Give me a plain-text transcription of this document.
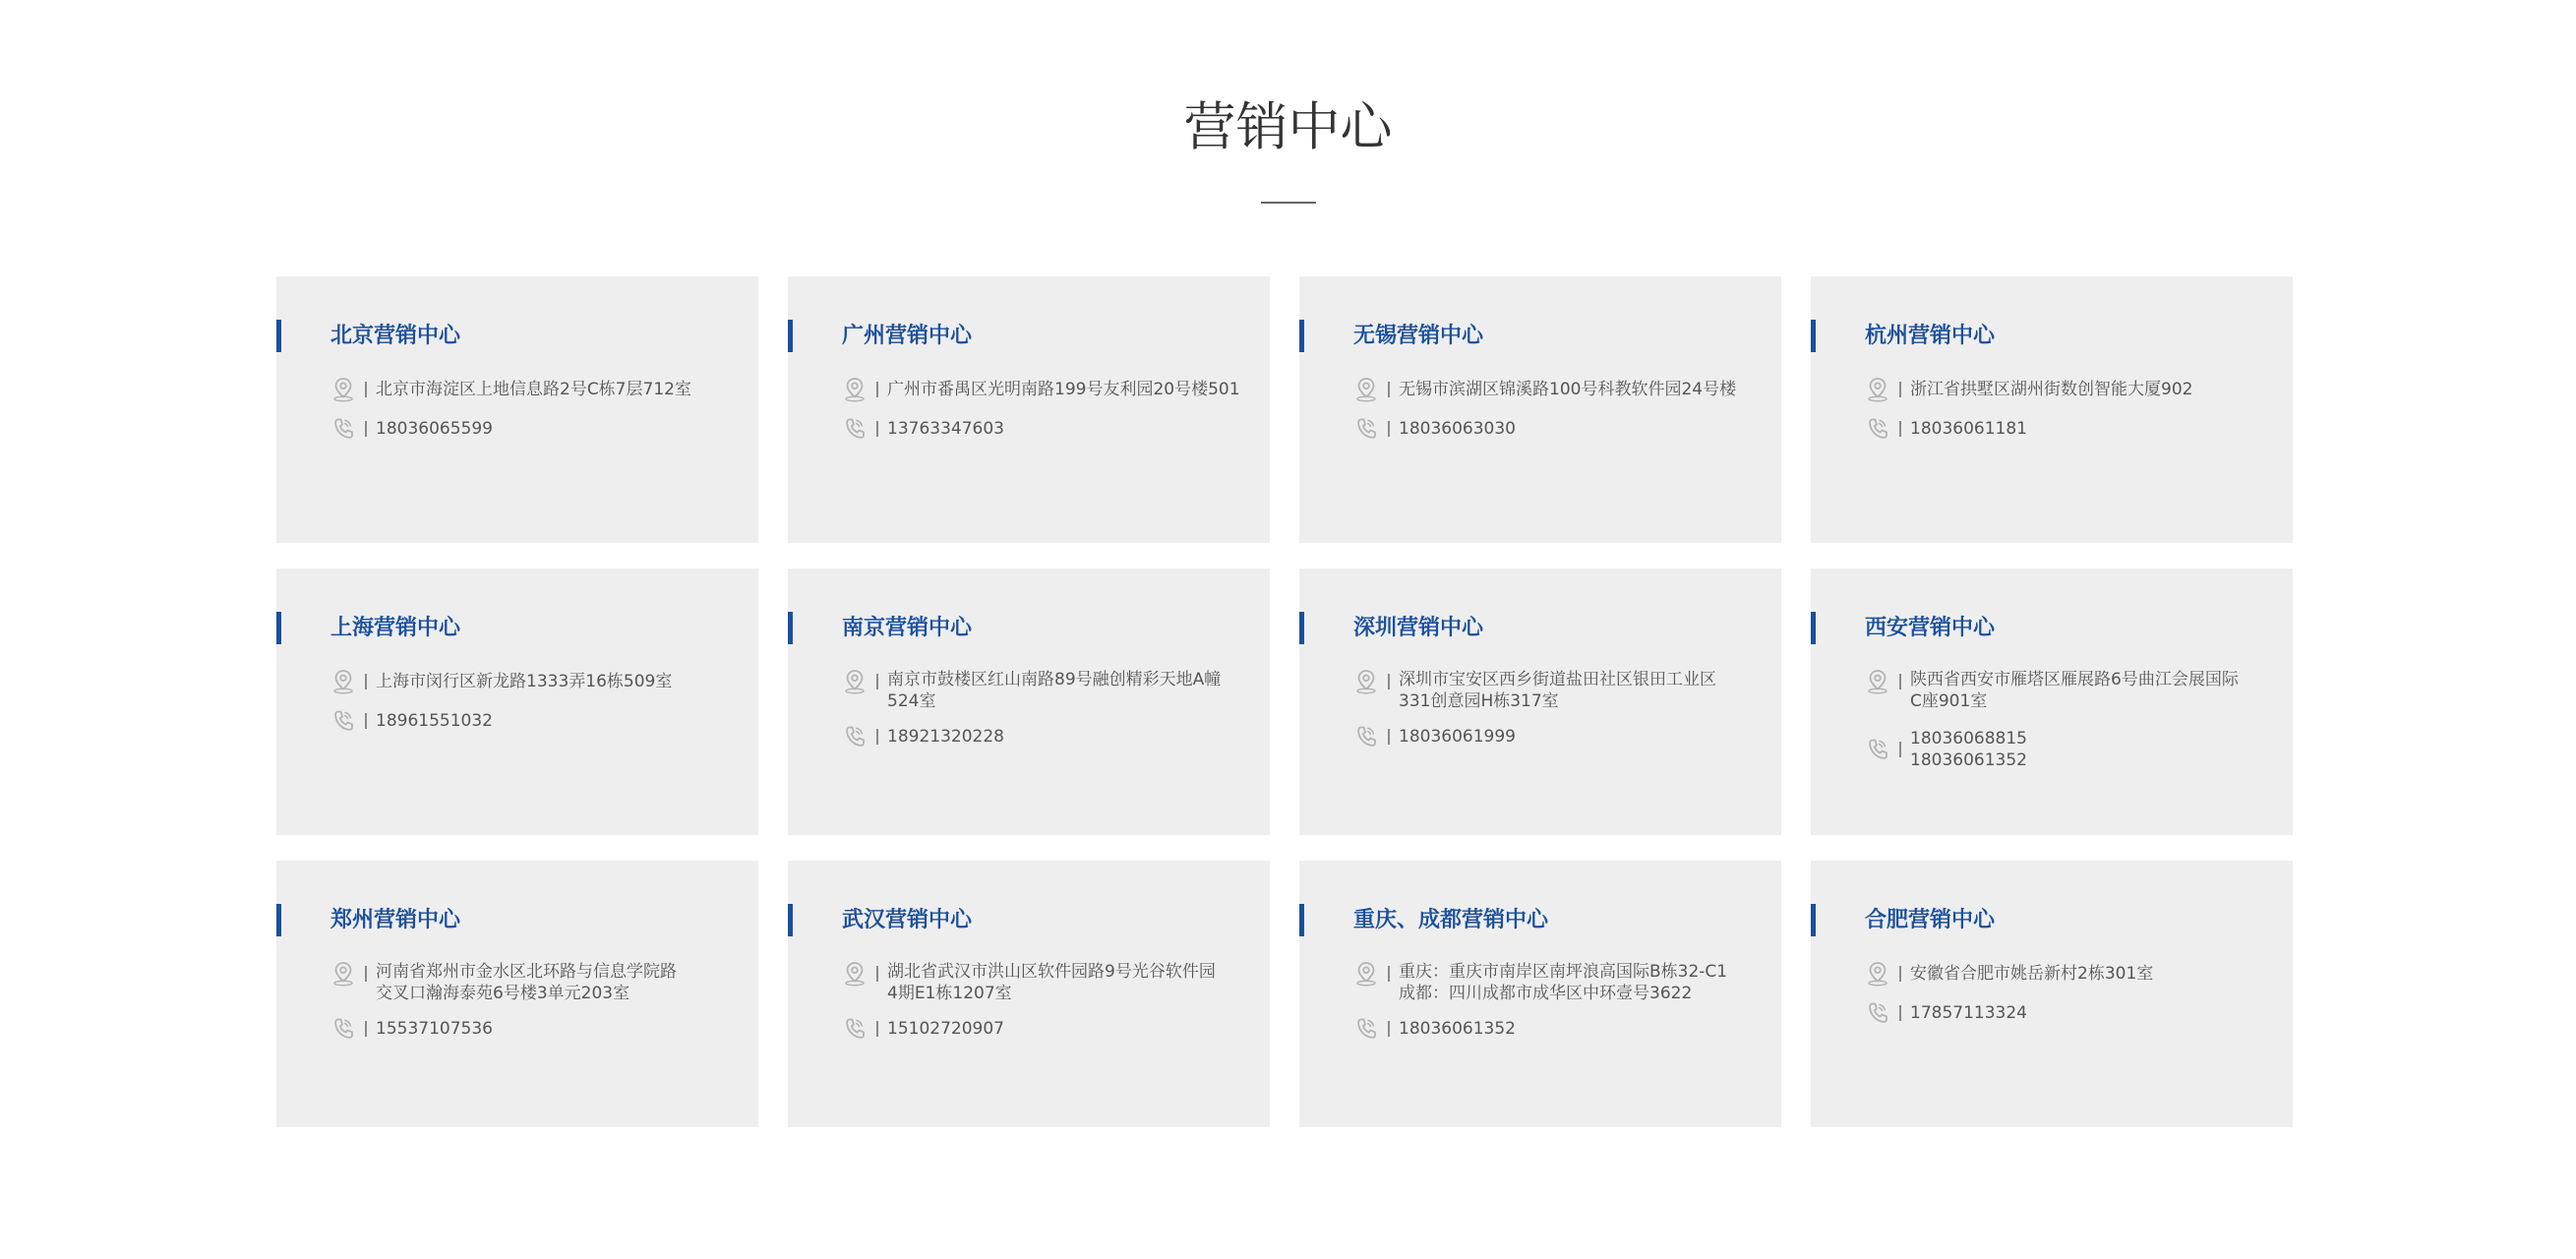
营销中心
北京营销中心
北京市海淀区上地信息路2号C栋7层712室
18036065599
广州营销中心
广州市番禺区光明南路199号友利园20号楼501
13763347603
无锡营销中心
无锡市滨湖区锦溪路100号科教软件园24号楼
18036063030
杭州营销中心
浙江省拱墅区湖州街数创智能大厦902
18036061181
上海营销中心
上海市闵行区新龙路1333弄16栋509室
18961551032
南京营销中心
南京市鼓楼区红山南路89号融创精彩天地A幢
524室
18921320228
深圳营销中心
深圳市宝安区西乡街道盐田社区银田工业区
331创意园H栋317室
18036061999
西安营销中心
陕西省西安市雁塔区雁展路6号曲江会展国际
C座901室
18036068815
18036061352
郑州营销中心
河南省郑州市金水区北环路与信息学院路
交叉口瀚海泰苑6号楼3单元203室
15537107536
武汉营销中心
湖北省武汉市洪山区软件园路9号光谷软件园
4期E1栋1207室
15102720907
重庆、成都营销中心
重庆：重庆市南岸区南坪浪高国际B栋32-C1
成都：四川成都市成华区中环壹号3622
18036061352
合肥营销中心
安徽省合肥市姚岳新村2栋301室
17857113324
